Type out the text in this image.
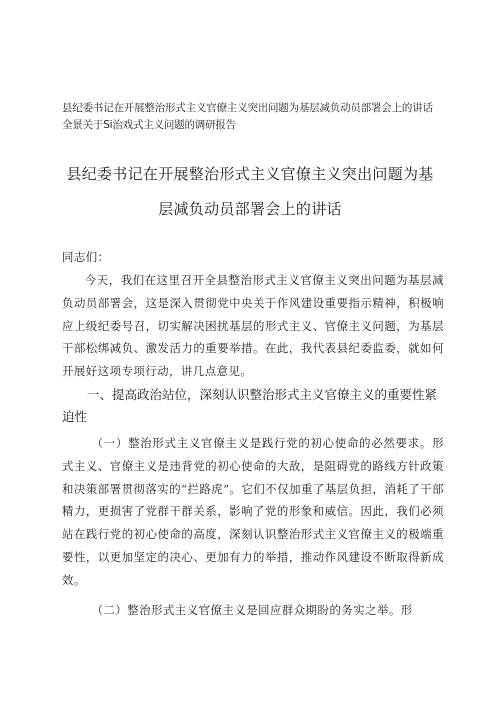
县纪委书记在开展整治形式主义官僚主义突出问题为基层减负动员部署会上的讲话全景关于Si治戏式主义问题的调研报告
县纪委书记在开展整治形式主义官僚主义突出问题为基层减负动员部署会上的讲话
同志们：
今天，我们在这里召开全县整治形式主义官僚主义突出问题为基层减负动员部署会，这是深入贯彻党中央关于作风建设重要指示精神，积极响应上级纪委号召，切实解决困扰基层的形式主义、官僚主义问题，为基层干部松绑减负、激发活力的重要举措。在此，我代表县纪委监委，就如何开展好这项专项行动，讲几点意见。
一、提高政治站位，深刻认识整治形式主义官僚主义的重要性紧迫性
（一）整治形式主义官僚主义是践行党的初心使命的必然要求。形式主义、官僚主义是违背党的初心使命的大敌，是阻碍党的路线方针政策和决策部署贯彻落实的“拦路虎”。它们不仅加重了基层负担，消耗了干部精力，更损害了党群干群关系，影响了党的形象和威信。因此，我们必须站在践行党的初心使命的高度，深刻认识整治形式主义官僚主义的极端重要性，以更加坚定的决心、更加有力的举措，推动作风建设不断取得新成效。
（二）整治形式主义官僚主义是回应群众期盼的务实之举。形
